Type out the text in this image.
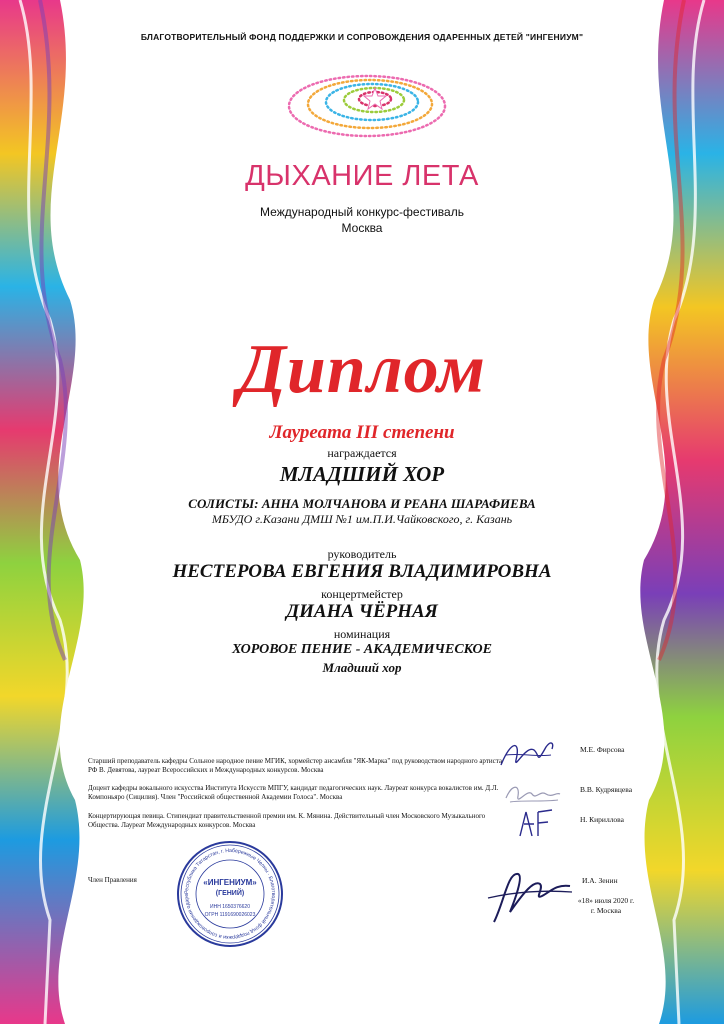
БЛАГОТВОРИТЕЛЬНЫЙ ФОНД ПОДДЕРЖКИ И СОПРОВОЖДЕНИЯ ОДАРЕННЫХ ДЕТЕЙ "ИНГЕНИУМ"
ДЫХАНИЕ ЛЕТА
Международный конкурс-фестиваль
Москва
Диплом
Лауреата III степени
награждается
МЛАДШИЙ ХОР
СОЛИСТЫ: АННА МОЛЧАНОВА И РЕАНА ШАРАФИЕВА
МБУДО г.Казани ДМШ №1 им.П.И.Чайковского, г. Казань
руководитель
НЕСТЕРОВА ЕВГЕНИЯ ВЛАДИМИРОВНА
концертмейстер
ДИАНА ЧЁРНАЯ
номинация
ХОРОВОЕ ПЕНИЕ - АКАДЕМИЧЕСКОЕ
Младший хор
Старший преподаватель кафедры Сольное народное пение МГИК, хормейстер ансамбля "ЯК-Марка" под руководством народного артиста РФ В. Девятова, лауреат Всероссийских и Международных конкурсов. Москва
М.Е. Фирсова
Доцент кафедры вокального искусства Института Искусств МПГУ, кандидат педагогических наук. Лауреат конкурса вокалистов им. Д.Л. Компоньяро (Сицилия). Член "Российской общественной Академии Голоса". Москва
В.В. Кудрявцева
Концертирующая певица. Стипендиат правительственной премии им. К. Мянина. Действительный член Московского Музыкального Общества. Лауреат Международных конкурсов. Москва
Н. Кириллова
Член Правления	И.А. Зенин
«18» июля 2020 г.
г. Москва
Республика Татарстан, г. Набережные Челны · Благотворительный фонд поддержки и сопровождения одаре
«ИНГЕНИУМ»
(ГЕНИЙ)
ИНН 1650376620
ОГРН 1191690026023
